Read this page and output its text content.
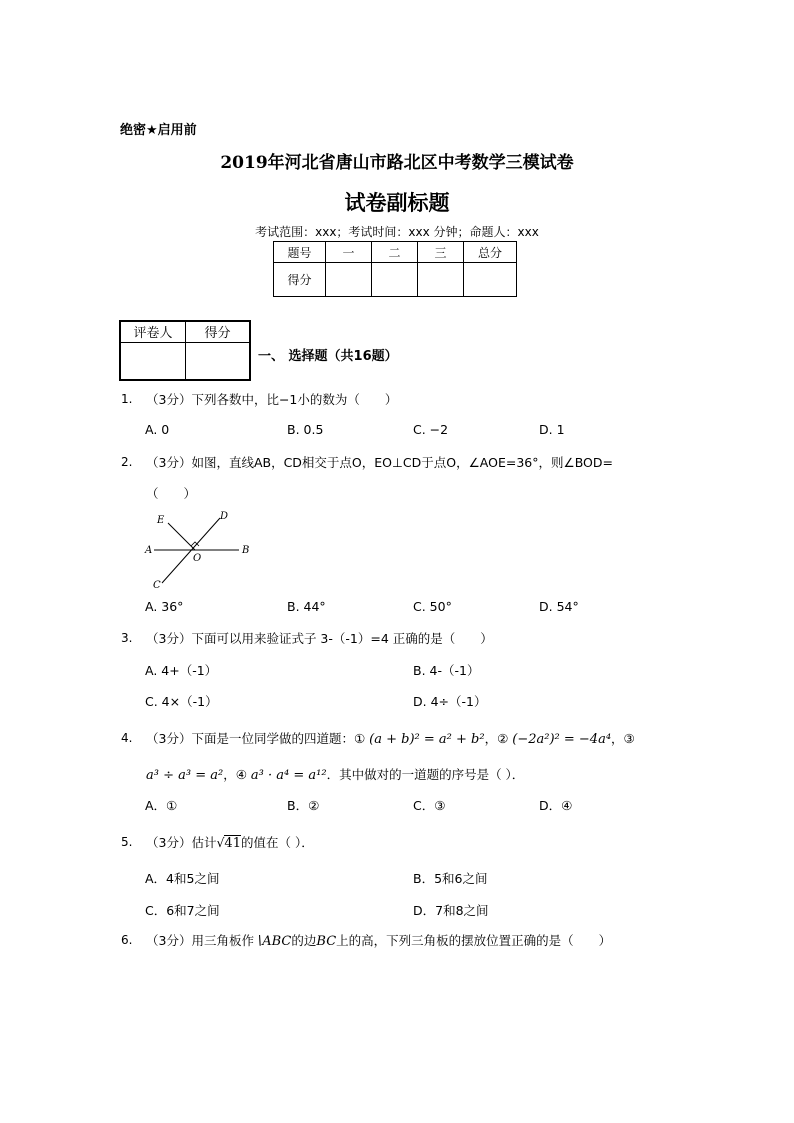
绝密★启用前
2019年河北省唐山市路北区中考数学三模试卷
试卷副标题
考试范围：xxx；考试时间：xxx 分钟；命题人：xxx
题号	一	二	三	总分
得分				
评卷人	得分

一、 选择题（共16题）
1. （3分）下列各数中，比−1小的数为（　　）
A. 0	B. 0.5	C. −2	D. 1
2. （3分）如图，直线AB，CD相交于点O，EO⊥CD于点O，∠AOE=36°，则∠BOD=
（　　）
E	D
A
O
B
C
A. 36°	B. 44°	C. 50°	D. 54°
3. （3分）下面可以用来验证式子 3-（-1）=4 正确的是（　　）
A. 4+（-1）	B. 4-（-1）
C. 4×（-1）	D. 4÷（-1）
4. （3分）下面是一位同学做的四道题：① (a + b)² = a² + b²，② (−2a²)² = −4a⁴，③
a³ ÷ a³ = a²，④ a³ · a⁴ = a¹²．其中做对的一道题的序号是（ ）．
A．①	B．②	C．③	D．④
5. （3分）估计√41的值在（ ）．
A．4和5之间	B．5和6之间
C．6和7之间	D．7和8之间
6. （3分）用三角板作∖ABC的边BC上的高，下列三角板的摆放位置正确的是（　　）
